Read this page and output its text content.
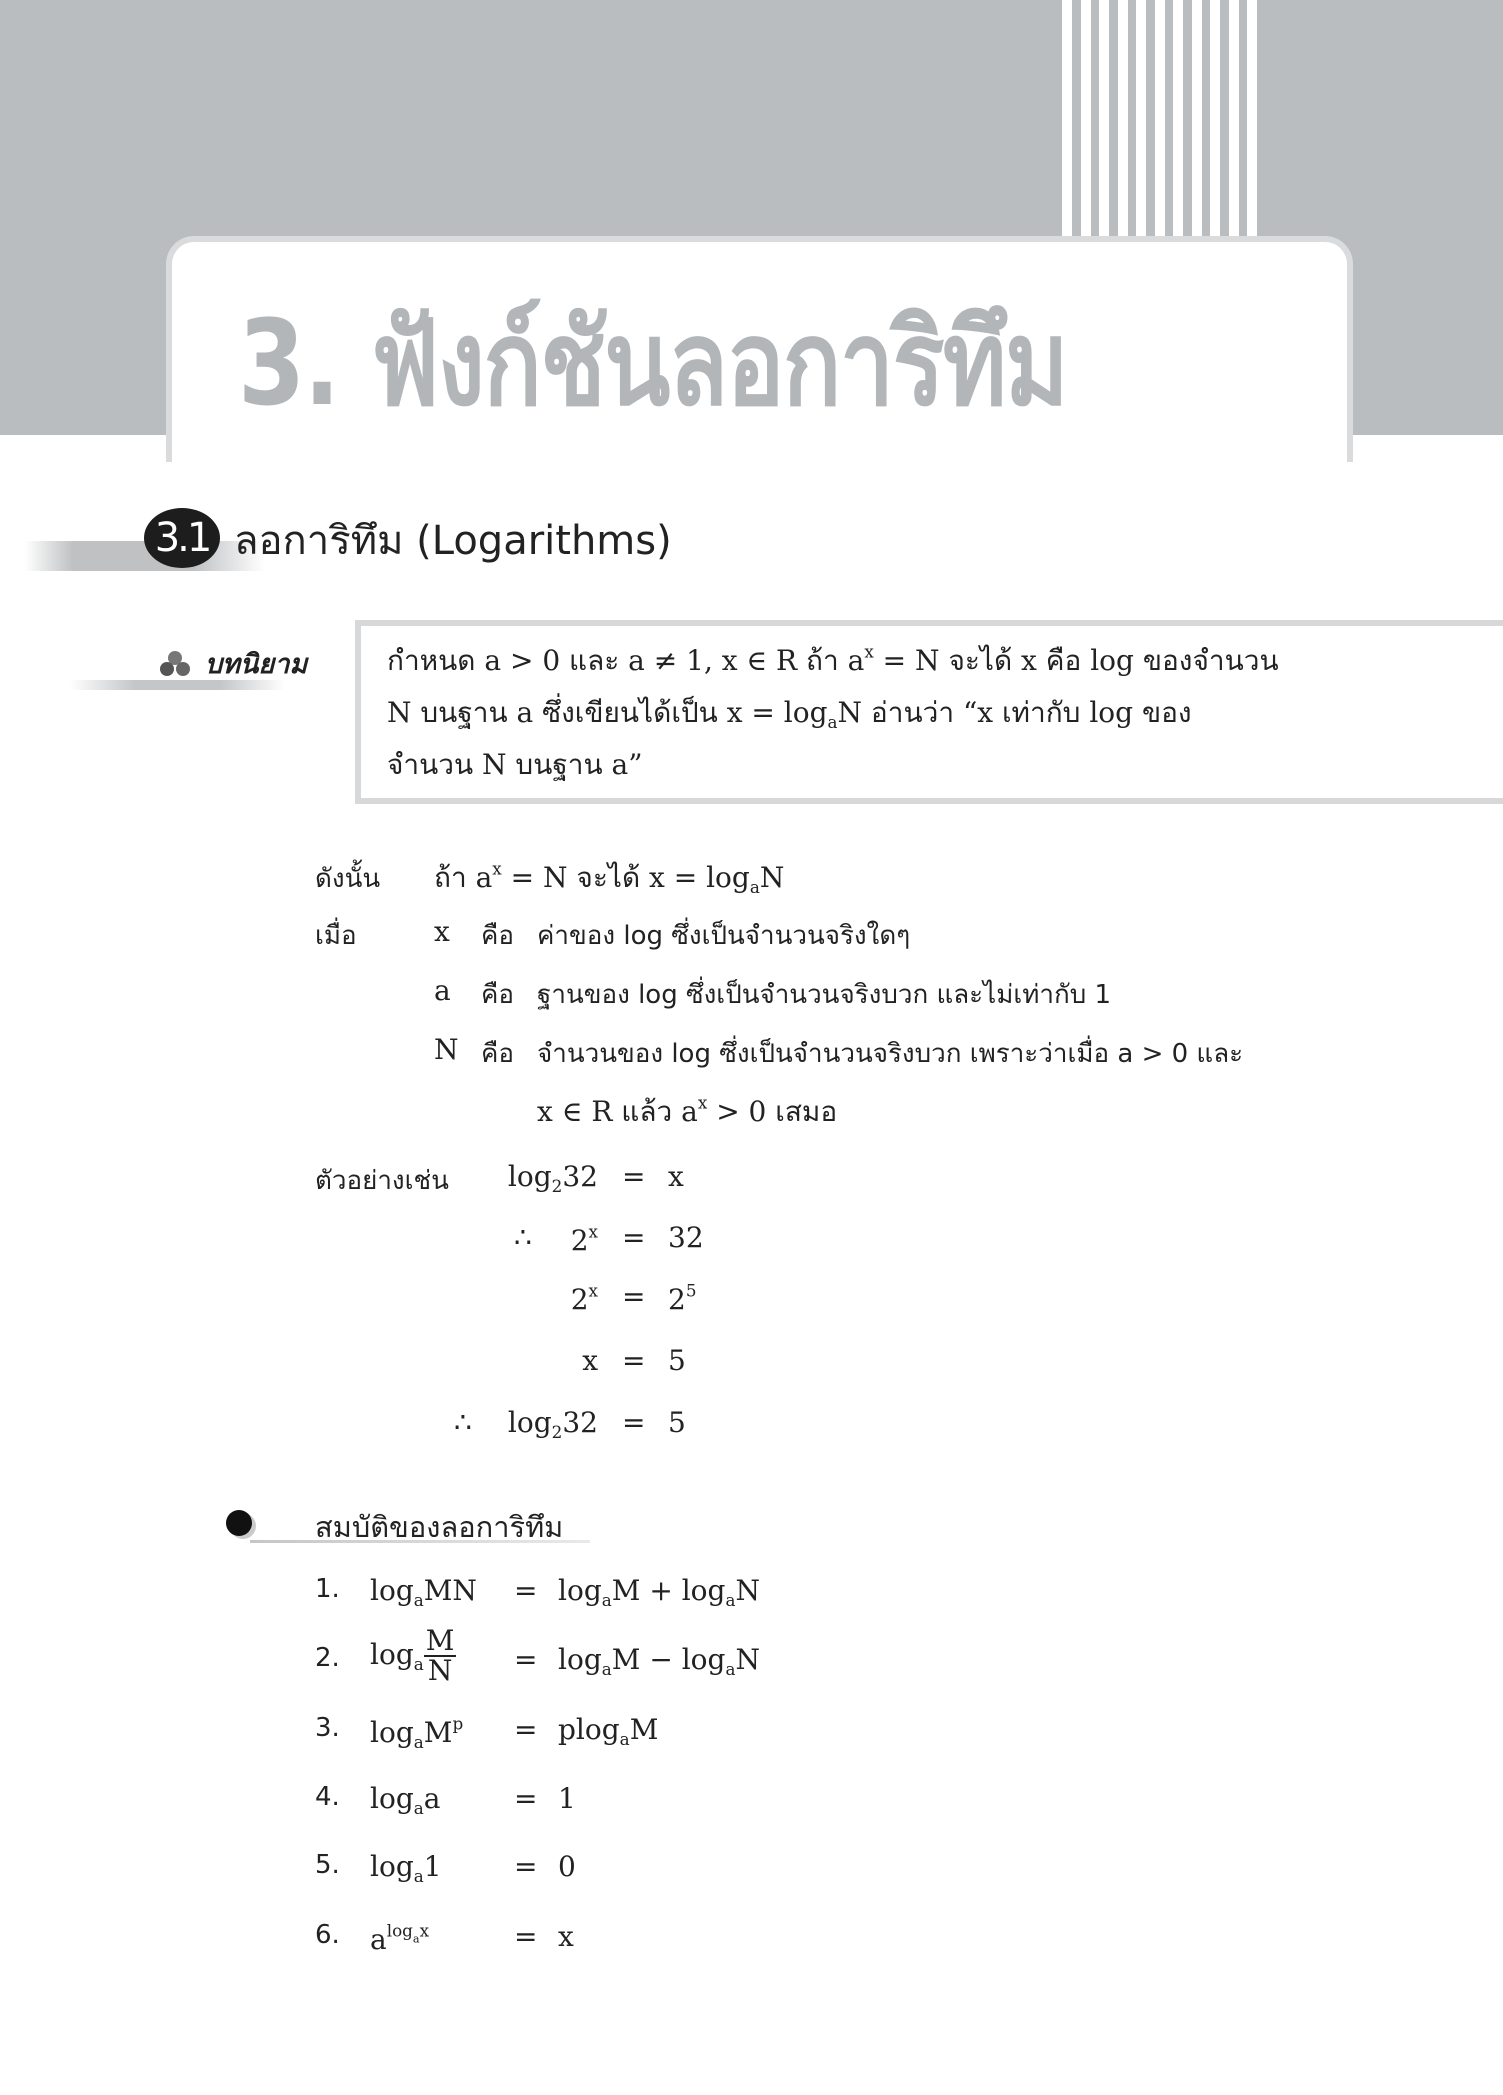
3. ฟังก์ชันลอการิทึม
3.1 ลอการิทึม (Logarithms)
บทนิยาม
สมบัติของลอการิทึม
กำหนด a > 0 และ a ≠ 1, x ∈ R ถ้า $a^x = N$ จะได้ x คือ log ของจำนวน
N บนฐาน a ซึ่งเขียนได้เป็น $x = \log_aN$ อ่านว่า “x เท่ากับ log ของ
จำนวน N บนฐาน a”
ดังนั้น ถ้า $a^x = N$ จะได้ $x = \log_aN$
เมื่อ	x คือ ค่าของ log ซึ่งเป็นจำนวนจริงใดๆ
a คือ ฐานของ log ซึ่งเป็นจำนวนจริงบวก และไม่เท่ากับ 1
N คือ จำนวนของ log ซึ่งเป็นจำนวนจริงบวก เพราะว่าเมื่อ a > 0 และ
x ∈ R แล้ว $a^x > 0$ เสมอ
ตัวอย่างเช่น $\log_232 = x$
∴ $2^x = 32$
$2^x = 2^5$
x = 5
∴ $\log_232 = 5$
1. $\log_aMN = \log_aM + \log_aN$
2. $\log_a \frac{M}{N} = \log_aM - \log_aN$
3. $\log_aM^p = plog_aM$
4. $\log_aa$	= 1
5. $\log_a1$	= 0
6. $a^{logax}$	= x
